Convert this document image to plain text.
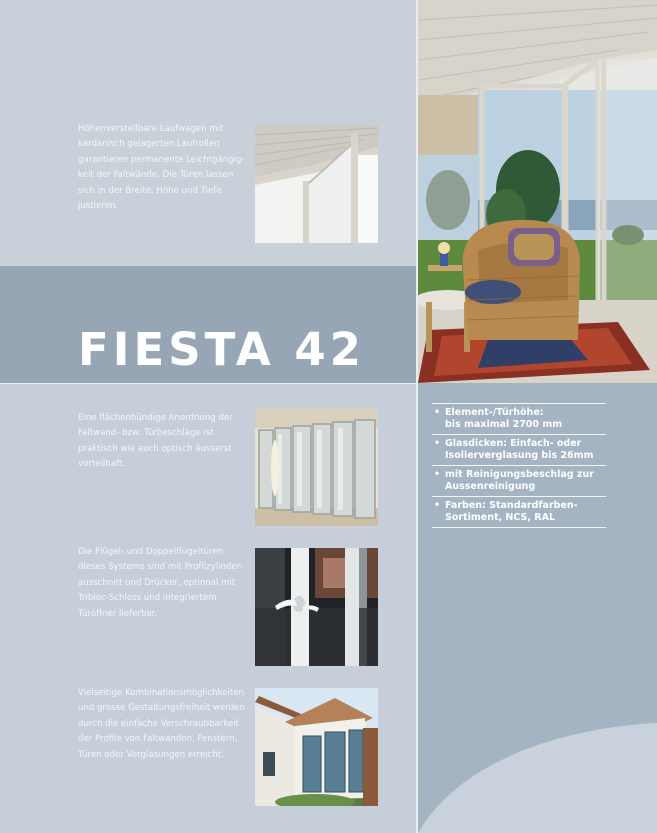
Höhenverstellbare Laufwagen mit kardanisch gelagerten Laufrollen garantieren permanente Leichtgängig-keit der Faltwände. Die Türen lassen sich in der Breite, Höhe und Tiefe justieren.
Eine flächenbündige Anordnung der Faltwand- bzw. Türbeschläge ist praktisch wie auch optisch äusserst vorteilhaft.
Die Flügel- und Doppelflügeltüren dieses Systems sind mit Profilzylinder-ausschnitt und Drücker, optional mit Tribloc-Schloss und integriertem Türöffner lieferbar.
Vielseitige Kombinationsmöglichkeiten und grosse Gestaltungsfreiheit werden durch die einfache Verschraubbarkeit der Profile von Faltwänden, Fenstern, Türen oder Verglasungen erreicht.
FIESTA 42
• Element-/Türhöhe:
bis maximal 2700 mm
• Glasdicken: Einfach- oder
Isolierverglasung bis 26mm
• mit Reinigungsbeschlag zur
Aussenreinigung
• Farben: Standardfarben-
Sortiment, NCS, RAL
